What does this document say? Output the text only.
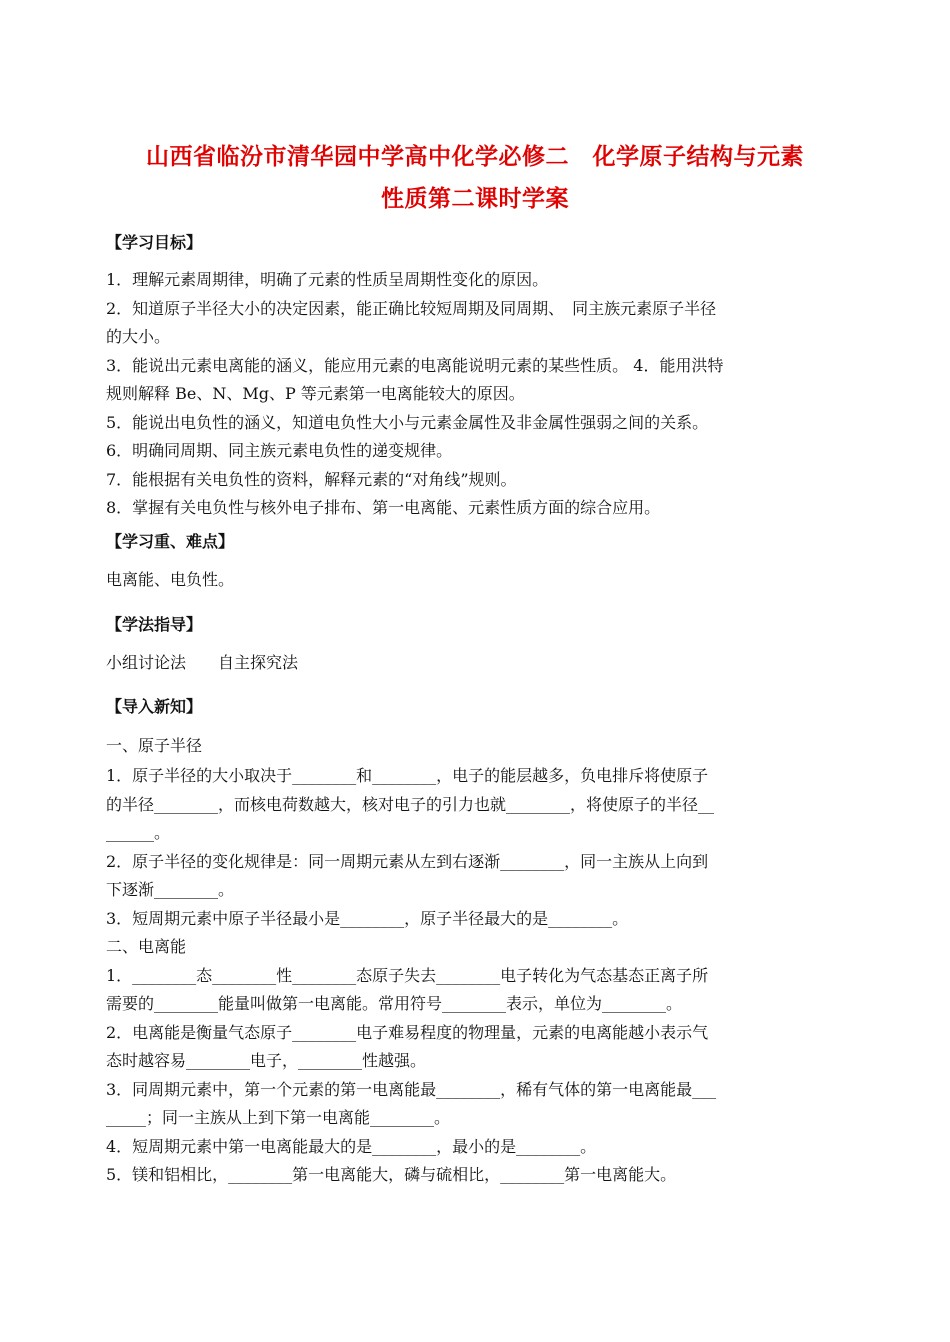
山西省临汾市清华园中学高中化学必修二　化学原子结构与元素
性质第二课时学案
【学习目标】
1．理解元素周期律，明确了元素的性质呈周期性变化的原因。
2．知道原子半径大小的决定因素，能正确比较短周期及同周期、　同主族元素原子半径
的大小。
3．能说出元素电离能的涵义，能应用元素的电离能说明元素的某些性质。 4．能用洪特
规则解释 Be、N、Mg、P 等元素第一电离能较大的原因。
5．能说出电负性的涵义，知道电负性大小与元素金属性及非金属性强弱之间的关系。
6．明确同周期、同主族元素电负性的递变规律。
7．能根据有关电负性的资料，解释元素的“对角线”规则。
8．掌握有关电负性与核外电子排布、第一电离能、元素性质方面的综合应用。
【学习重、难点】
电离能、电负性。
【学法指导】
小组讨论法　　自主探究法
【导入新知】
一、原子半径
1．原子半径的大小取决于________和________，电子的能层越多，负电排斥将使原子
的半径________，而核电荷数越大，核对电子的引力也就________，将使原子的半径__
______。
2．原子半径的变化规律是：同一周期元素从左到右逐渐________，同一主族从上向到
下逐渐________。
3．短周期元素中原子半径最小是________，原子半径最大的是________。
二、电离能
1．________态________性________态原子失去________电子转化为气态基态正离子所
需要的________能量叫做第一电离能。常用符号________表示，单位为________。
2．电离能是衡量气态原子________电子难易程度的物理量，元素的电离能越小表示气
态时越容易________电子，________性越强。
3．同周期元素中，第一个元素的第一电离能最________，稀有气体的第一电离能最___
_____；同一主族从上到下第一电离能________。
4．短周期元素中第一电离能最大的是________，最小的是________。
5．镁和铝相比，________第一电离能大，磷与硫相比，________第一电离能大。
